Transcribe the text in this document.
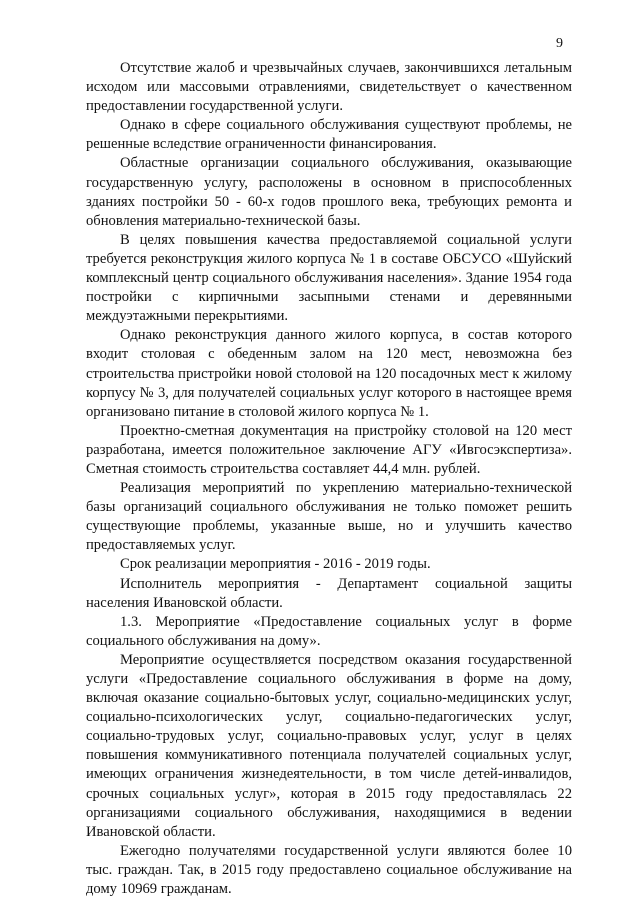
9

Отсутствие жалоб и чрезвычайных случаев, закончившихся летальным исходом или массовыми отравлениями, свидетельствует о качественном предоставлении государственной услуги.

Однако в сфере социального обслуживания существуют проблемы, не решенные вследствие ограниченности финансирования.

Областные организации социального обслуживания, оказывающие государственную услугу, расположены в основном в приспособленных зданиях постройки 50 - 60-х годов прошлого века, требующих ремонта и обновления материально-технической базы.

В целях повышения качества предоставляемой социальной услуги требуется реконструкция жилого корпуса № 1 в составе ОБСУСО «Шуйский комплексный центр социального обслуживания населения». Здание 1954 года постройки с кирпичными засыпными стенами и деревянными междуэтажными перекрытиями.

Однако реконструкция данного жилого корпуса, в состав которого входит столовая с обеденным залом на 120 мест, невозможна без строительства пристройки новой столовой на 120 посадочных мест к жилому корпусу № 3, для получателей социальных услуг которого в настоящее время организовано питание в столовой жилого корпуса № 1.

Проектно-сметная документация на пристройку столовой на 120 мест разработана, имеется положительное заключение АГУ «Ивгосэкспертиза». Сметная стоимость строительства составляет 44,4 млн. рублей.

Реализация мероприятий по укреплению материально-технической базы организаций социального обслуживания не только поможет решить существующие проблемы, указанные выше, но и улучшить качество предоставляемых услуг.

Срок реализации мероприятия - 2016 - 2019 годы.

Исполнитель мероприятия - Департамент социальной защиты населения Ивановской области.

1.3. Мероприятие «Предоставление социальных услуг в форме социального обслуживания на дому».

Мероприятие осуществляется посредством оказания государственной услуги «Предоставление социального обслуживания в форме на дому, включая оказание социально-бытовых услуг, социально-медицинских услуг, социально-психологических услуг, социально-педагогических услуг, социально-трудовых услуг, социально-правовых услуг, услуг в целях повышения коммуникативного потенциала получателей социальных услуг, имеющих ограничения жизнедеятельности, в том числе детей-инвалидов, срочных социальных услуг», которая в 2015 году предоставлялась 22 организациями социального обслуживания, находящимися в ведении Ивановской области.

Ежегодно получателями государственной услуги являются более 10 тыс. граждан. Так, в 2015 году предоставлено социальное обслуживание на дому 10969 гражданам.
